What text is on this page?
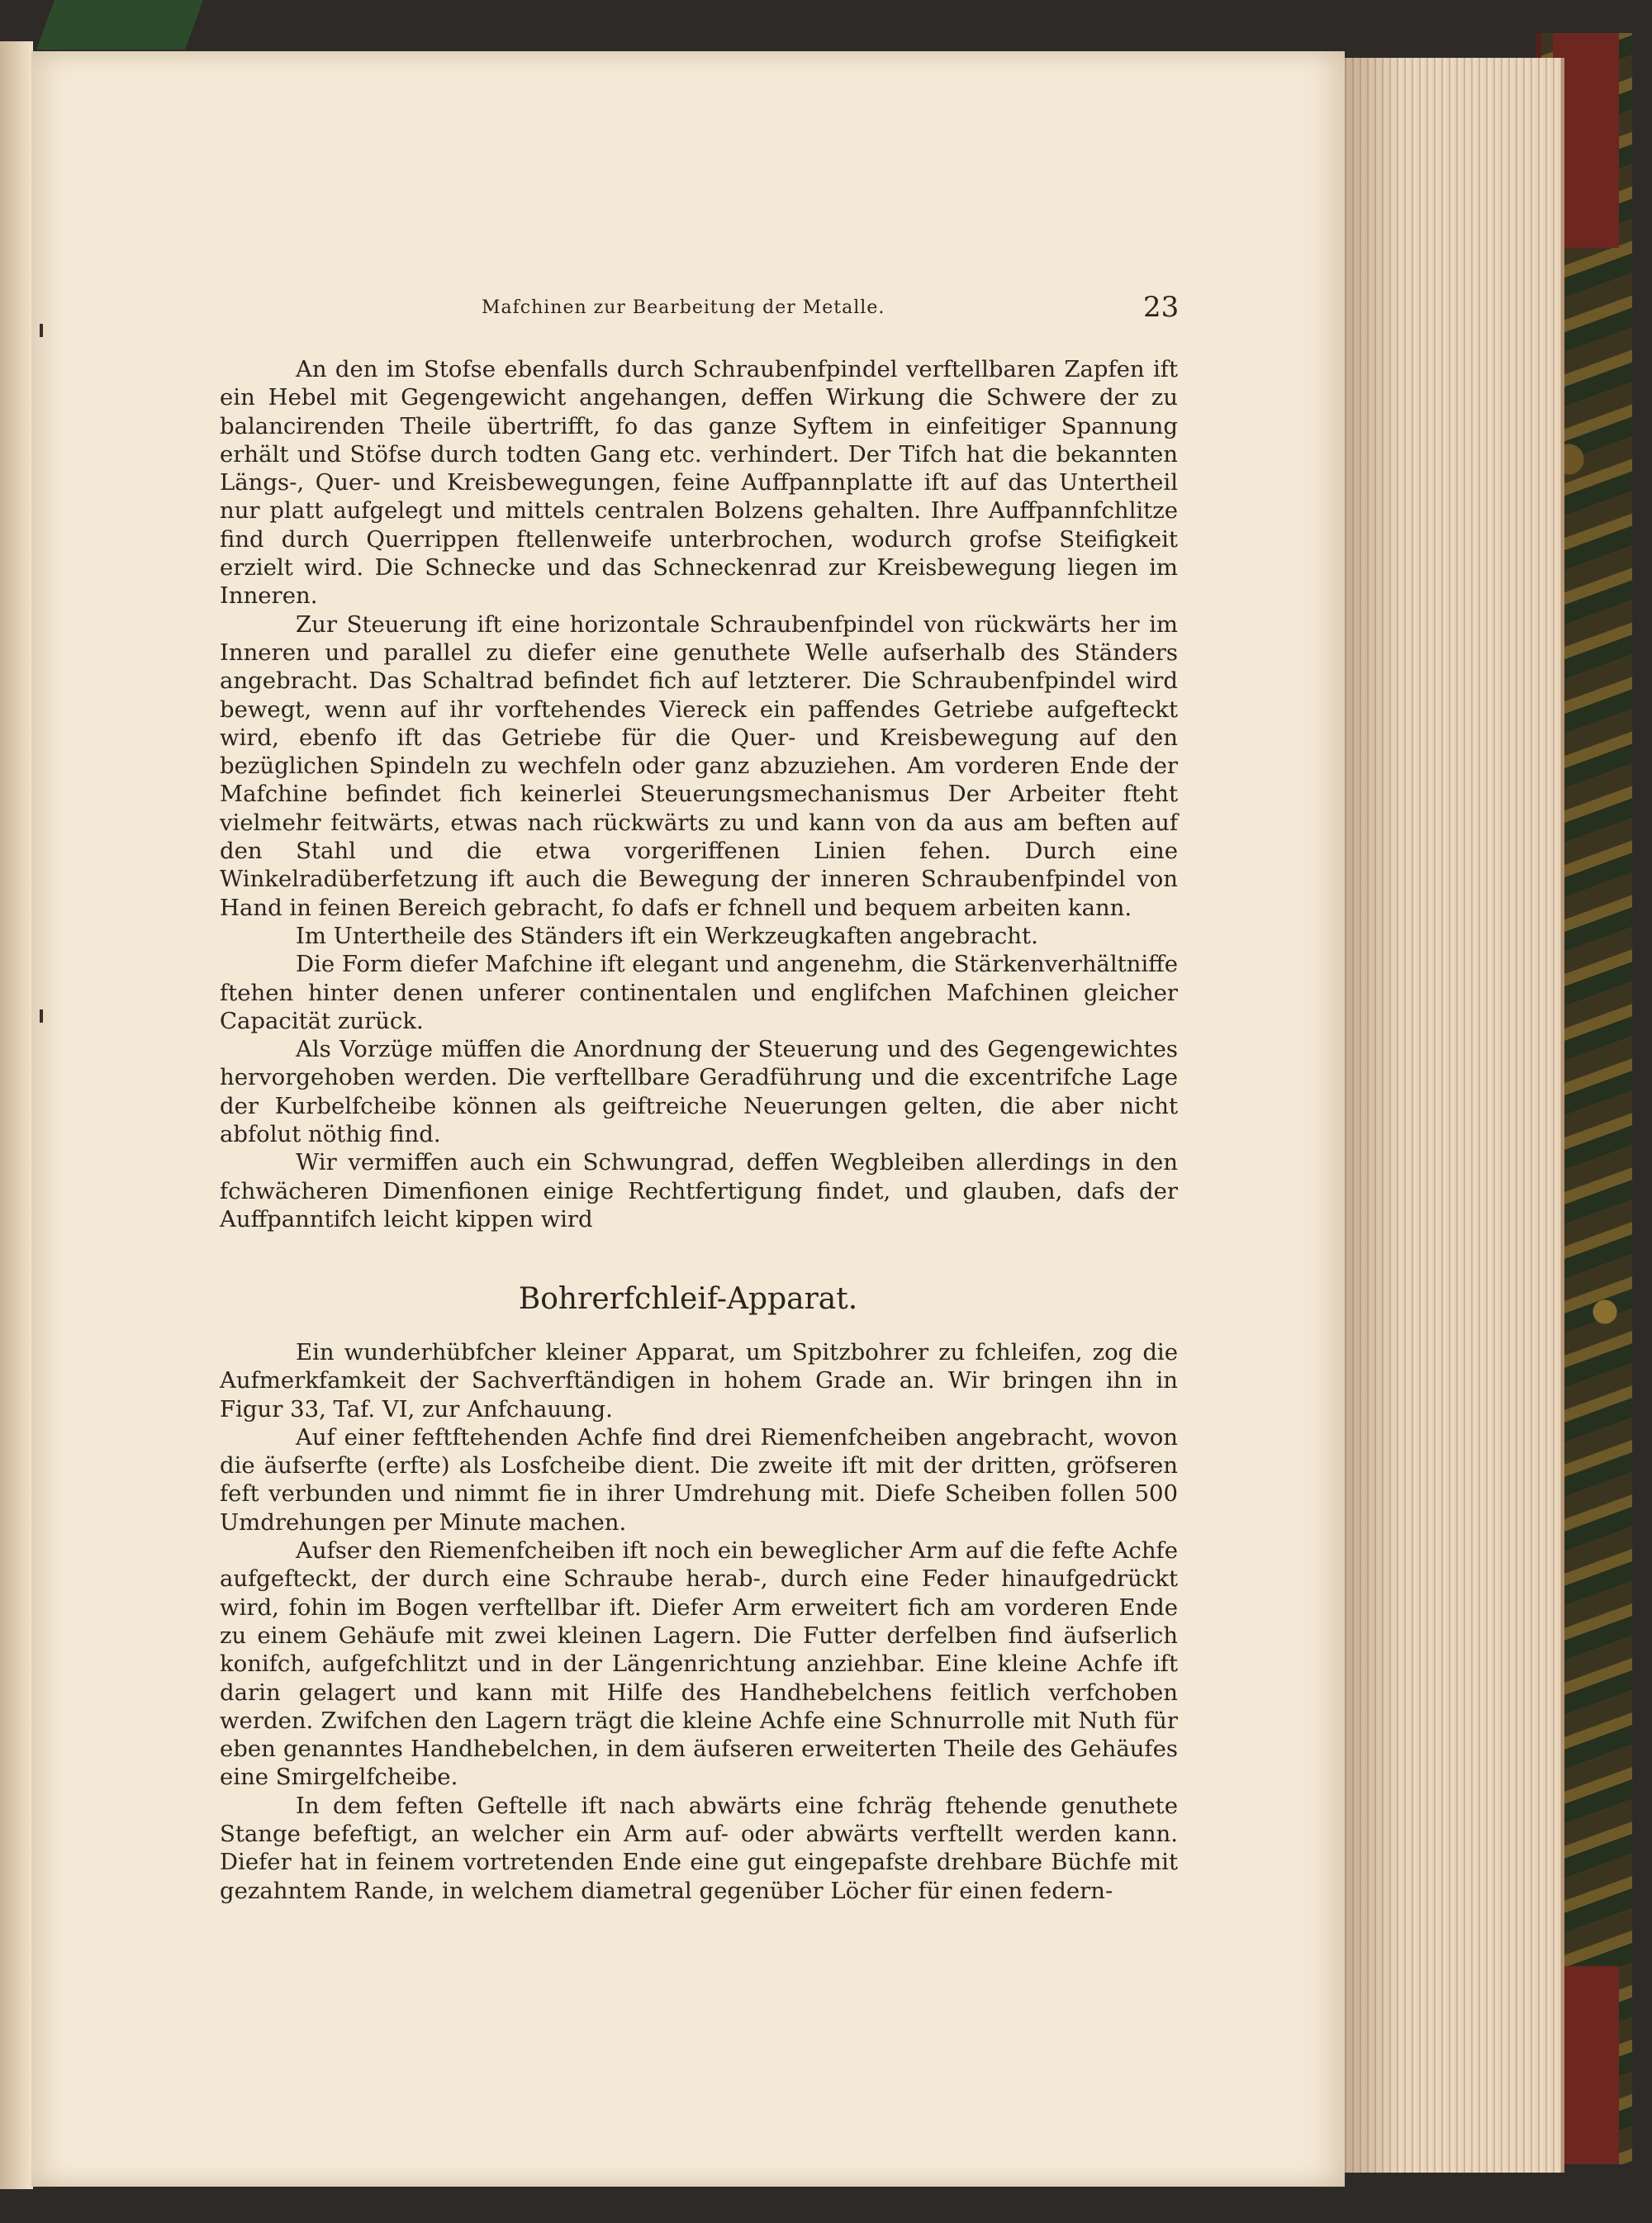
Mafchinen zur Bearbeitung der Metalle.	23

An den im Stofse ebenfalls durch Schraubenfpindel verftellbaren Zapfen ift ein Hebel mit Gegengewicht angehangen, deffen Wirkung die Schwere der zu balancirenden Theile übertrifft, fo das ganze Syftem in einfeitiger Spannung erhält und Stöfse durch todten Gang etc. verhindert. Der Tifch hat die bekannten Längs-, Quer- und Kreisbewegungen, feine Auffpannplatte ift auf das Untertheil nur platt aufgelegt und mittels centralen Bolzens gehalten. Ihre Auffpannfchlitze find durch Querrippen ftellenweife unterbrochen, wodurch grofse Steifigkeit erzielt wird. Die Schnecke und das Schneckenrad zur Kreisbewegung liegen im Inneren.

Zur Steuerung ift eine horizontale Schraubenfpindel von rückwärts her im Inneren und parallel zu diefer eine genuthete Welle aufserhalb des Ständers angebracht. Das Schaltrad befindet fich auf letzterer. Die Schraubenfpindel wird bewegt, wenn auf ihr vorftehendes Viereck ein paffendes Getriebe aufgefteckt wird, ebenfo ift das Getriebe für die Quer- und Kreisbewegung auf den bezüglichen Spindeln zu wechfeln oder ganz abzuziehen. Am vorderen Ende der Mafchine befindet fich keinerlei Steuerungsmechanismus Der Arbeiter fteht vielmehr feitwärts, etwas nach rückwärts zu und kann von da aus am beften auf den Stahl und die etwa vorgeriffenen Linien fehen. Durch eine Winkelradüberfetzung ift auch die Bewegung der inneren Schraubenfpindel von Hand in feinen Bereich gebracht, fo dafs er fchnell und bequem arbeiten kann.

Im Untertheile des Ständers ift ein Werkzeugkaften angebracht.

Die Form diefer Mafchine ift elegant und angenehm, die Stärkenverhältniffe ftehen hinter denen unferer continentalen und englifchen Mafchinen gleicher Capacität zurück.

Als Vorzüge müffen die Anordnung der Steuerung und des Gegengewichtes hervorgehoben werden. Die verftellbare Geradführung und die excentrifche Lage der Kurbelfcheibe können als geiftreiche Neuerungen gelten, die aber nicht abfolut nöthig find.

Wir vermiffen auch ein Schwungrad, deffen Wegbleiben allerdings in den fchwächeren Dimenfionen einige Rechtfertigung findet, und glauben, dafs der Auffpanntifch leicht kippen wird

Bohrerfchleif-Apparat.

Ein wunderhübfcher kleiner Apparat, um Spitzbohrer zu fchleifen, zog die Aufmerkfamkeit der Sachverftändigen in hohem Grade an. Wir bringen ihn in Figur 33, Taf. VI, zur Anfchauung.

Auf einer feftftehenden Achfe find drei Riemenfcheiben angebracht, wovon die äufserfte (erfte) als Losfcheibe dient. Die zweite ift mit der dritten, gröfseren feft verbunden und nimmt fie in ihrer Umdrehung mit. Diefe Scheiben follen 500 Umdrehungen per Minute machen.

Aufser den Riemenfcheiben ift noch ein beweglicher Arm auf die fefte Achfe aufgefteckt, der durch eine Schraube herab-, durch eine Feder hinaufgedrückt wird, fohin im Bogen verftellbar ift. Diefer Arm erweitert fich am vorderen Ende zu einem Gehäufe mit zwei kleinen Lagern. Die Futter derfelben find äufserlich konifch, aufgefchlitzt und in der Längenrichtung anziehbar. Eine kleine Achfe ift darin gelagert und kann mit Hilfe des Handhebelchens feitlich verfchoben werden. Zwifchen den Lagern trägt die kleine Achfe eine Schnurrolle mit Nuth für eben genanntes Handhebelchen, in dem äufseren erweiterten Theile des Gehäufes eine Smirgelfcheibe.

In dem feften Geftelle ift nach abwärts eine fchräg ftehende genuthete Stange befeftigt, an welcher ein Arm auf- oder abwärts verftellt werden kann. Diefer hat in feinem vortretenden Ende eine gut eingepafste drehbare Büchfe mit gezahntem Rande, in welchem diametral gegenüber Löcher für einen federn-
